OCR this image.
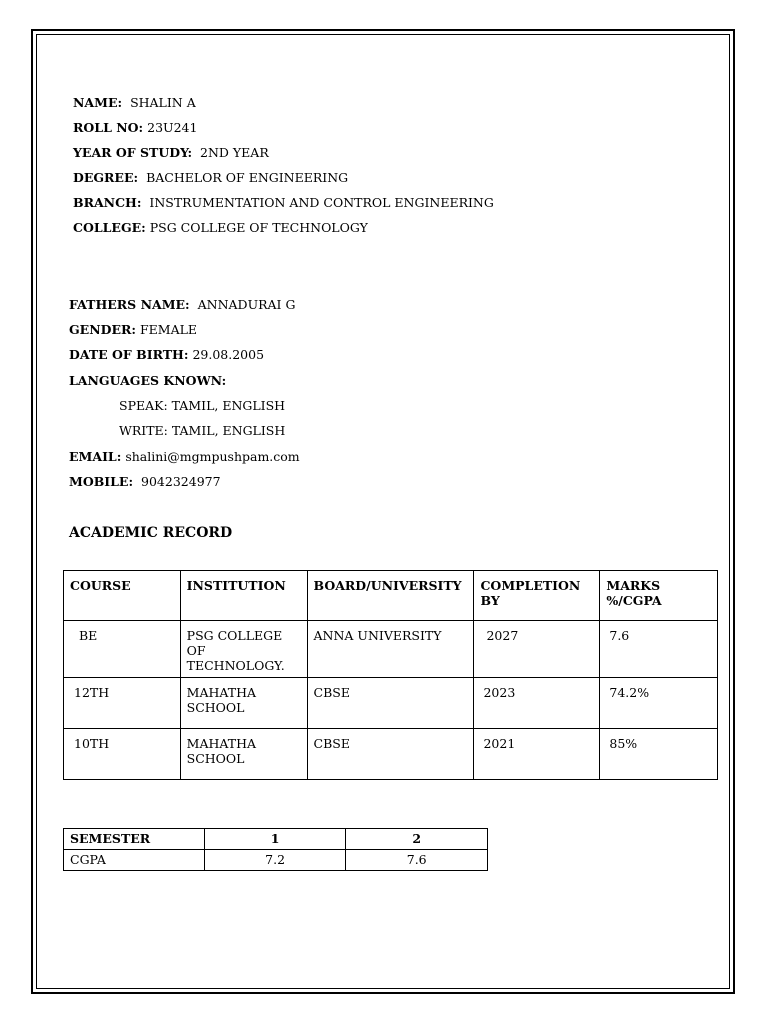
NAME: SHALIN A
ROLL NO: 23U241
YEAR OF STUDY: 2ND YEAR
DEGREE: BACHELOR OF ENGINEERING
BRANCH: INSTRUMENTATION AND CONTROL ENGINEERING
COLLEGE: PSG COLLEGE OF TECHNOLOGY
FATHERS NAME: ANNADURAI G
GENDER: FEMALE
DATE OF BIRTH: 29.08.2005
LANGUAGES KNOWN:
SPEAK: TAMIL, ENGLISH
WRITE: TAMIL, ENGLISH
EMAIL: shalini@mgmpushpam.com
MOBILE: 9042324977
ACADEMIC RECORD
COURSE	INSTITUTION	BOARD/UNIVERSITY	COMPLETION BY	MARKS %/CGPA
BE	PSG COLLEGE OF TECHNOLOGY.	ANNA UNIVERSITY	2027	7.6
12TH	MAHATHA SCHOOL	CBSE	2023	74.2%
10TH	MAHATHA SCHOOL	CBSE	2021	85%
SEMESTER	1	2
CGPA	7.2	7.6
